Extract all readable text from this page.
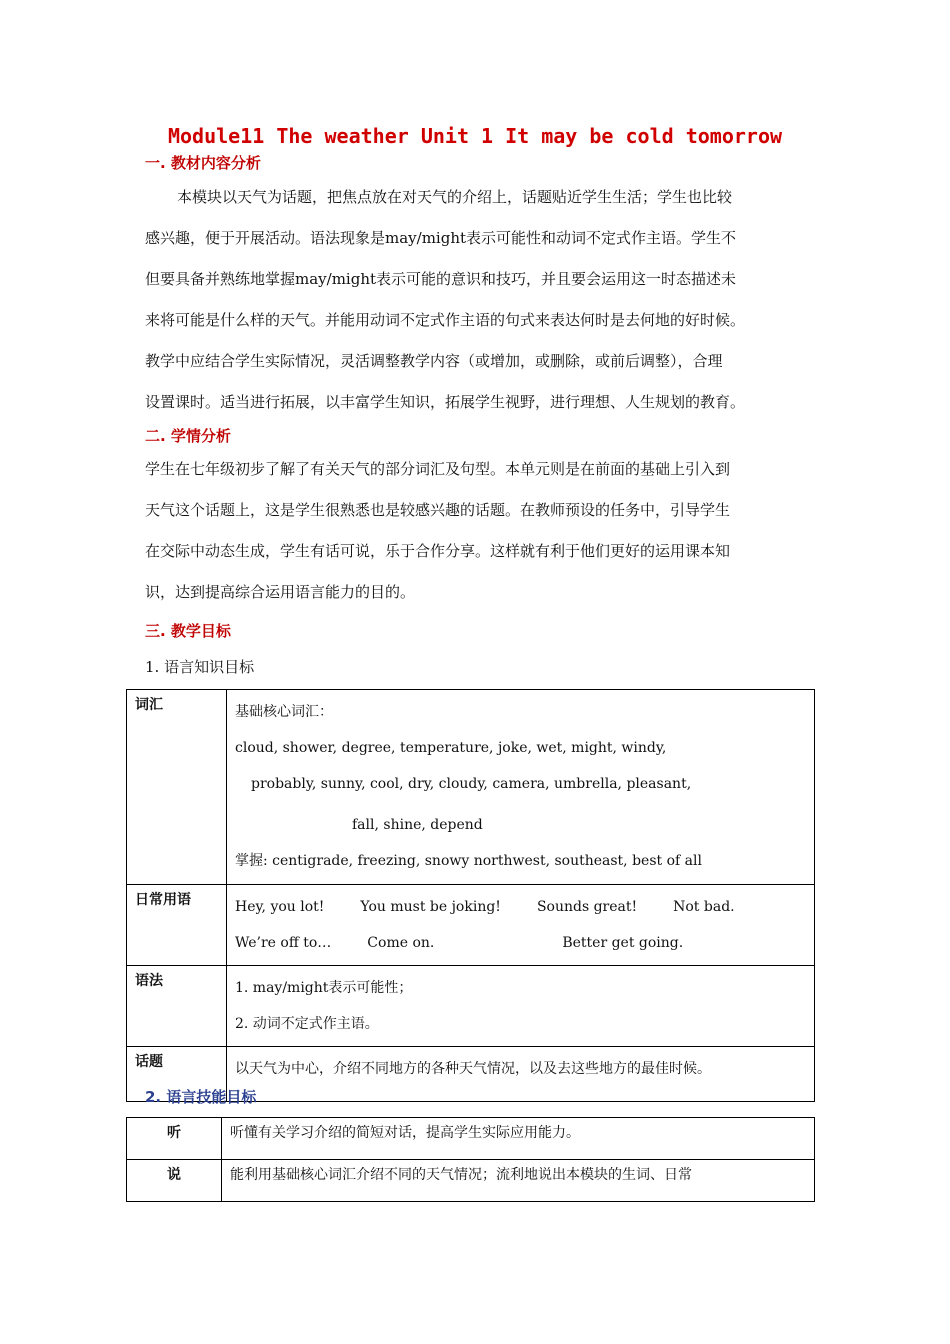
Module11 The weather Unit 1 It may be cold tomorrow
一. 教材内容分析

本模块以天气为话题，把焦点放在对天气的介绍上，话题贴近学生生活；学生也比较

感兴趣，便于开展活动。语法现象是may/might表示可能性和动词不定式作主语。学生不

但要具备并熟练地掌握may/might表示可能的意识和技巧，并且要会运用这一时态描述未

来将可能是什么样的天气。并能用动词不定式作主语的句式来表达何时是去何地的好时候。

教学中应结合学生实际情况，灵活调整教学内容（或增加，或删除，或前后调整），合理

设置课时。适当进行拓展，以丰富学生知识，拓展学生视野，进行理想、人生规划的教育。

二. 学情分析

学生在七年级初步了解了有关天气的部分词汇及句型。本单元则是在前面的基础上引入到

天气这个话题上，这是学生很熟悉也是较感兴趣的话题。在教师预设的任务中，引导学生

在交际中动态生成，学生有话可说，乐于合作分享。这样就有利于他们更好的运用课本知

识，达到提高综合运用语言能力的目的。

三. 教学目标
1. 语言知识目标
词汇	基础核心词汇：
cloud, shower, degree, temperature, joke, wet, might, windy,
probably, sunny, cool, dry, cloudy, camera, umbrella, pleasant,
fall, shine, depend
掌握: centigrade, freezing, snowy northwest, southeast, best of all

日常用语	Hey, you lot! You must be joking! Sounds great! Not bad.
We’re off to… Come on. Better get going.

语法	1. may/might表示可能性；
2. 动词不定式作主语。

话题	以天气为中心，介绍不同地方的各种天气情况，以及去这些地方的最佳时候。
2. 语言技能目标
听	听懂有关学习介绍的简短对话，提高学生实际应用能力。
说	能利用基础核心词汇介绍不同的天气情况；流利地说出本模块的生词、日常
